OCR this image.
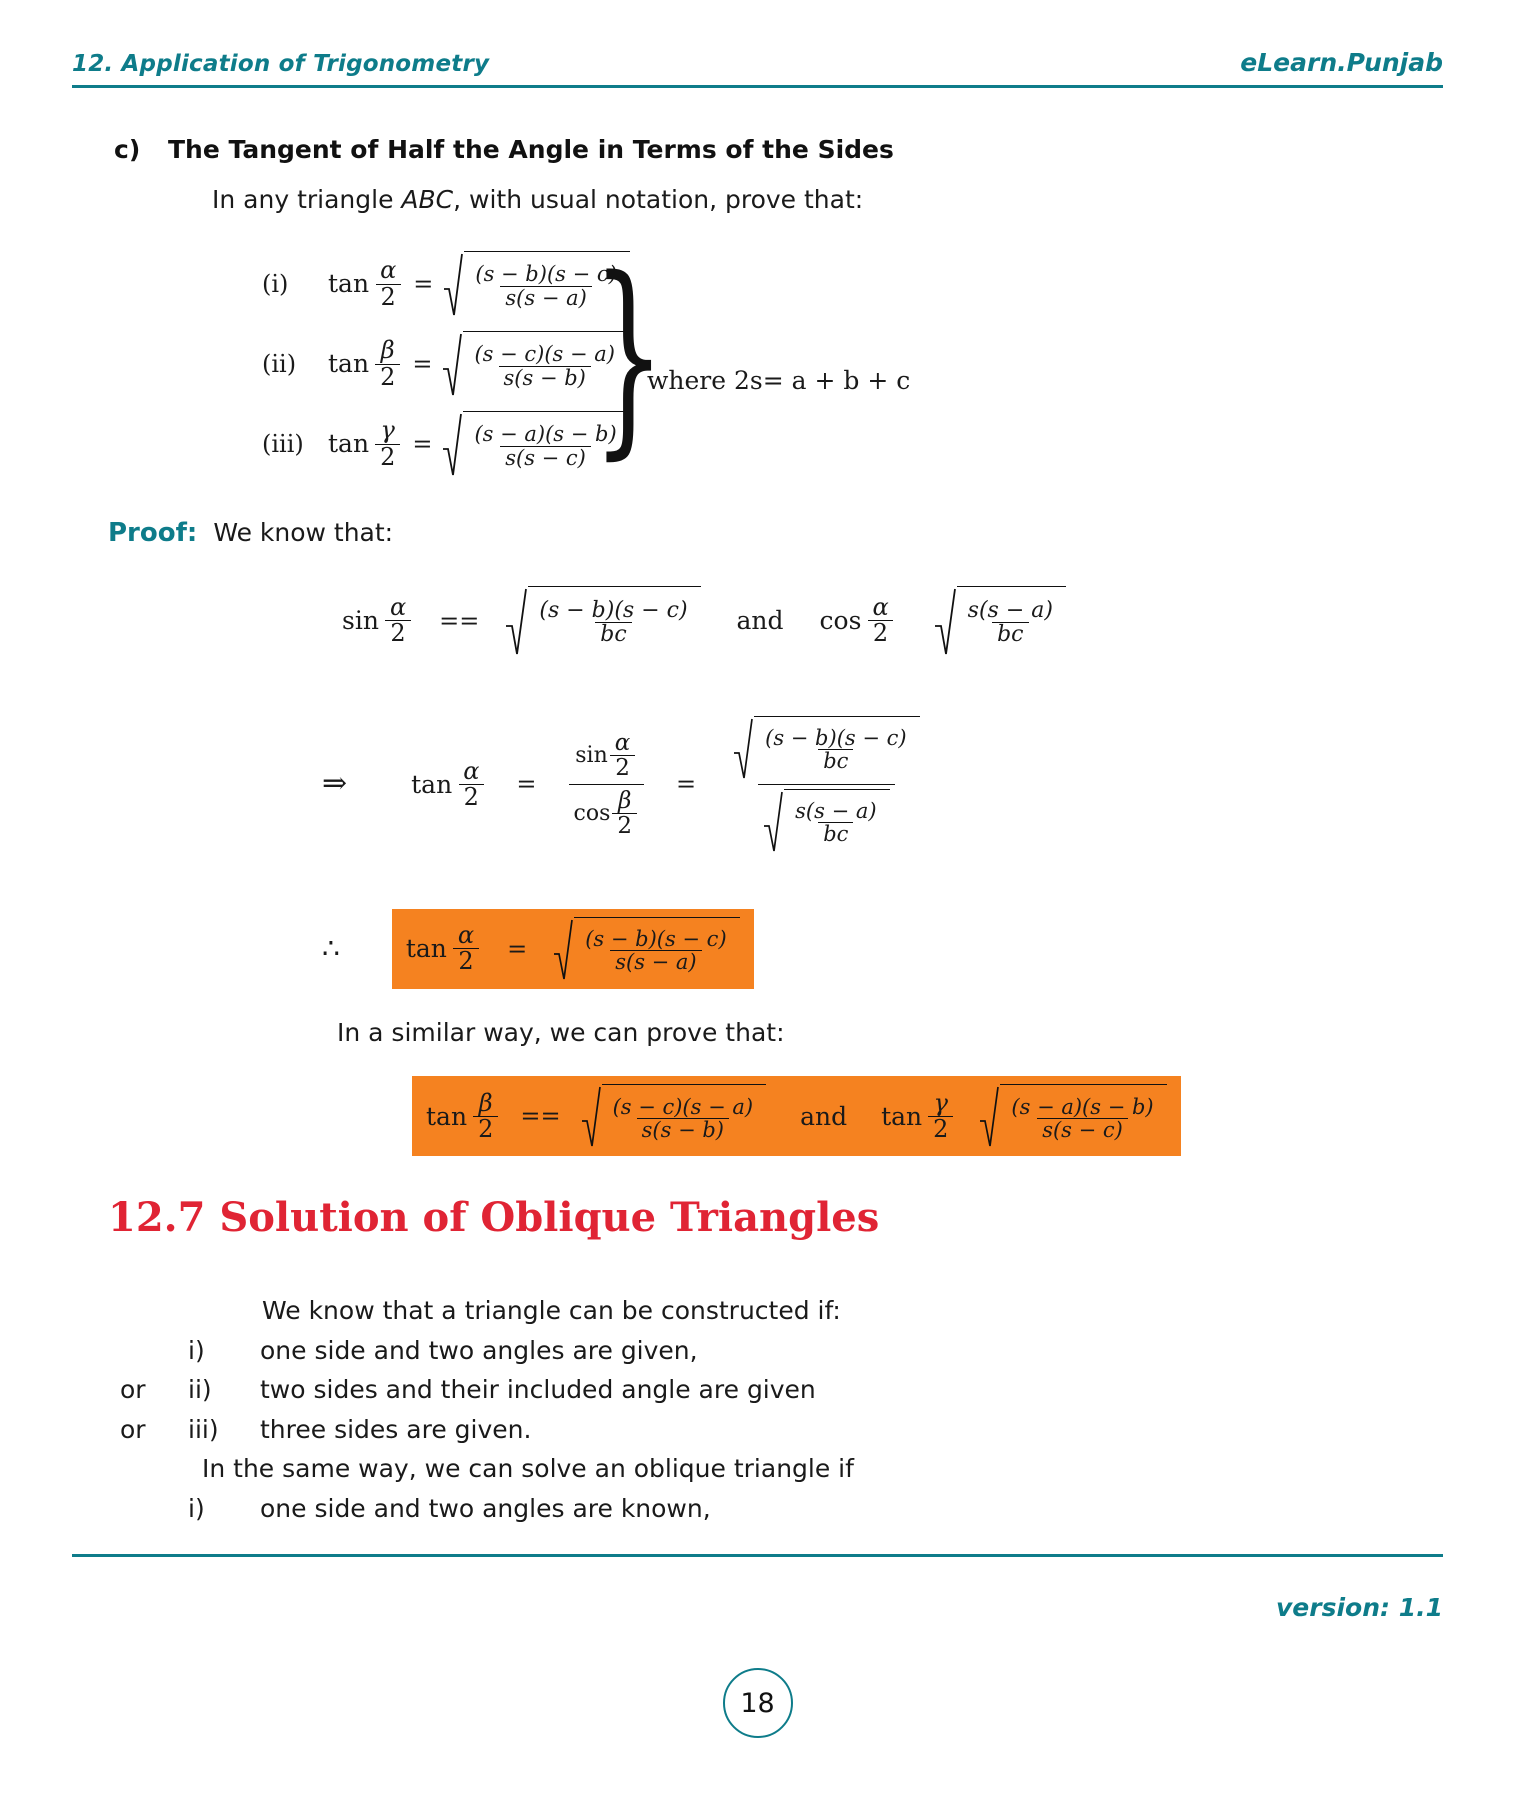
12. Application of Trigonometry	eLearn.Punjab
c) The Tangent of Half the Angle in Terms of the Sides
In any triangle ABC, with usual notation, prove that:
(i)	$\tan \frac{\alpha}{2} = \frac{(s - b)(s - c)}{s(s - a)}$
(ii)	$\tan \frac{\beta}{2} = \frac{(s - c)(s - a)}{s(s - b)}$
(iii) $\tan \frac{\gamma}{2} = \frac{(s - a)(s - b)}{s(s - c)}$
}
where 2s= a + b + c
Proof: We know that:
$\sin \frac{\alpha}{2}$ ==	$\frac{(s - b)(s - c)}{bc}$ and $\cos \frac{\alpha}{2}$	$\frac{s(s - a)}{bc}$
⇒	$\tan \frac{\alpha}{2} = \frac{\sin \frac{\alpha}{2}}{\cos \frac{\beta}{2}} = \frac{\frac{(s - b)(s - c)}{bc}}{\frac{s(s - a)}{bc}}$
∴	$\tan \frac{\alpha}{2}$ =	$\frac{(s - b)(s - c)}{s(s - a)}$
In a similar way, we can prove that:
$\tan \frac{\beta}{2} == \frac{(s - c)(s - a)}{s(s - b)}$ and $\tan \frac{\gamma}{2}$	$\frac{(s - a)(s - b)}{s(s - c)}$
12.7 Solution of Oblique Triangles
We know that a triangle can be constructed if:
i)	one side and two angles are given,
or	ii)	two sides and their included angle are given
or	iii)	three sides are given.
In the same way, we can solve an oblique triangle if
i)	one side and two angles are known,
version: 1.1
18
